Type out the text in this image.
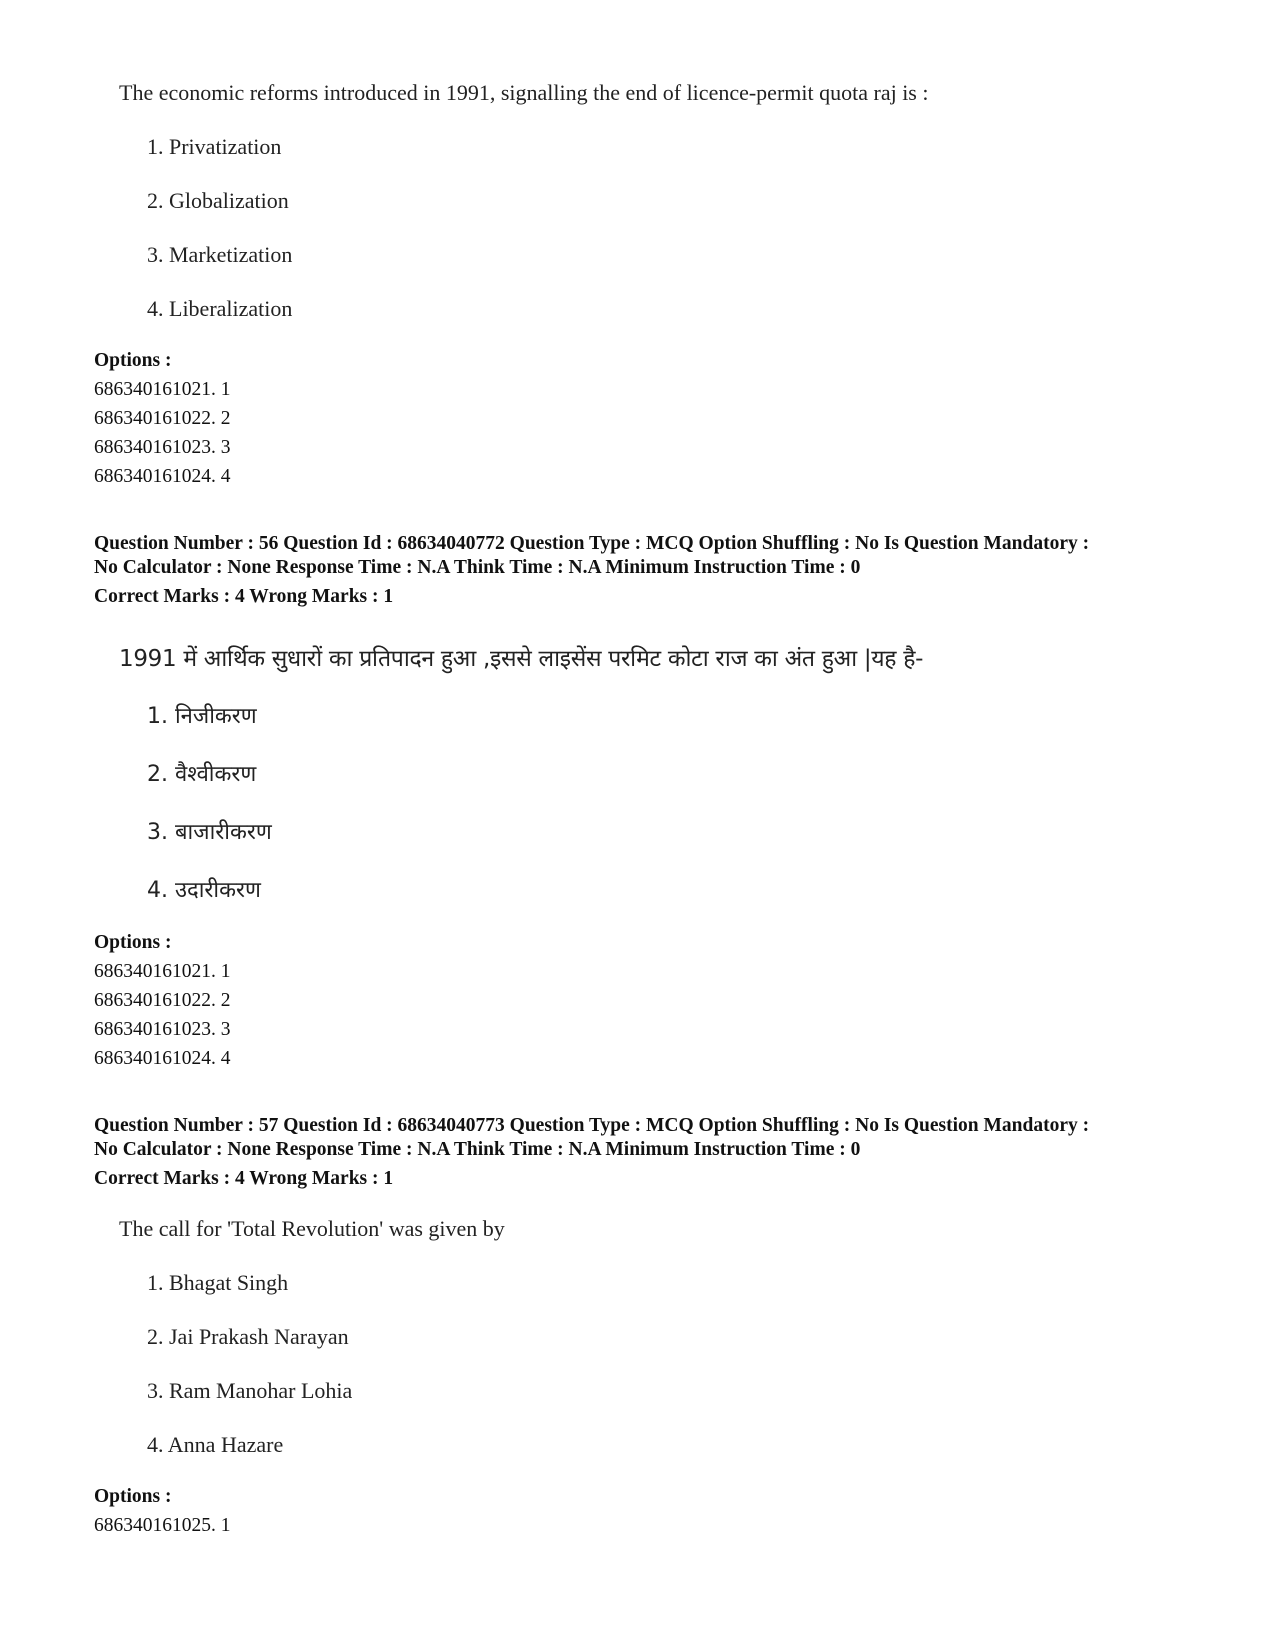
The economic reforms introduced in 1991, signalling the end of licence-permit quota raj is :
1. Privatization
2. Globalization
3. Marketization
4. Liberalization
Options :
686340161021. 1
686340161022. 2
686340161023. 3
686340161024. 4
Question Number : 56 Question Id : 68634040772 Question Type : MCQ Option Shuffling : No Is Question Mandatory :
No Calculator : None Response Time : N.A Think Time : N.A Minimum Instruction Time : 0
Correct Marks : 4 Wrong Marks : 1
1991 में आर्थिक सुधारों का प्रतिपादन हुआ ,इससे लाइसेंस परमिट कोटा राज का अंत हुआ |यह है-
1. निजीकरण
2. वैश्वीकरण
3. बाजारीकरण
4. उदारीकरण
Options :
686340161021. 1
686340161022. 2
686340161023. 3
686340161024. 4
Question Number : 57 Question Id : 68634040773 Question Type : MCQ Option Shuffling : No Is Question Mandatory :
No Calculator : None Response Time : N.A Think Time : N.A Minimum Instruction Time : 0
Correct Marks : 4 Wrong Marks : 1
The call for 'Total Revolution' was given by
1. Bhagat Singh
2. Jai Prakash Narayan
3. Ram Manohar Lohia
4. Anna Hazare
Options :
686340161025. 1
